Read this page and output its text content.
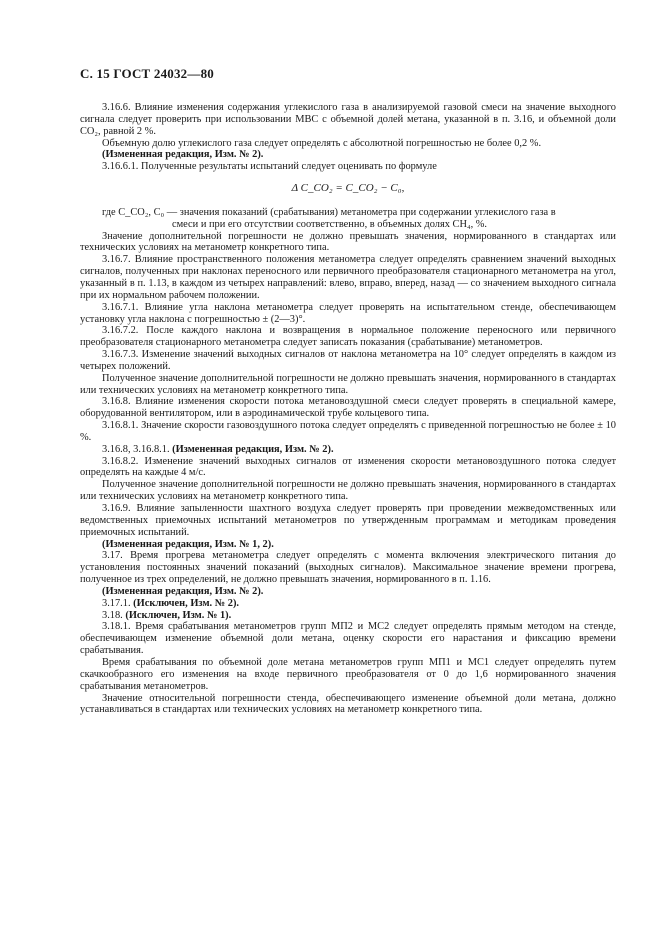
С. 15 ГОСТ 24032—80

3.16.6. Влияние изменения содержания углекислого газа в анализируемой газовой смеси на значение выходного сигнала следует проверить при использовании МВС с объемной долей метана, указанной в п. 3.16, и объемной доли CO₂, равной 2 %.

Объемную долю углекислого газа следует определять с абсолютной погрешностью не более 0,2 %.

(Измененная редакция, Изм. № 2).

3.16.6.1. Полученные результаты испытаний следует оценивать по формуле

Δ C_CO₂ = C_CO₂ − C₀,

где C_CO₂, C₀ — значения показаний (срабатывания) метанометра при содержании углекислого газа в

смеси и при его отсутствии соответственно, в объемных долях CH₄, %.

Значение дополнительной погрешности не должно превышать значения, нормированного в стандартах или технических условиях на метанометр конкретного типа.

3.16.7. Влияние пространственного положения метанометра следует определять сравнением значений выходных сигналов, полученных при наклонах переносного или первичного преобразователя стационарного метанометра на угол, указанный в п. 1.13, в каждом из четырех направлений: влево, вправо, вперед, назад — со значением выходного сигнала при их нормальном рабочем положении.

3.16.7.1. Влияние угла наклона метанометра следует проверять на испытательном стенде, обеспечивающем установку угла наклона с погрешностью ± (2—3)°.

3.16.7.2. После каждого наклона и возвращения в нормальное положение переносного или первичного преобразователя стационарного метанометра следует записать показания (срабатывание) метанометров.

3.16.7.3. Изменение значений выходных сигналов от наклона метанометра на 10° следует определять в каждом из четырех положений.

Полученное значение дополнительной погрешности не должно превышать значения, нормированного в стандартах или технических условиях на метанометр конкретного типа.

3.16.8. Влияние изменения скорости потока метановоздушной смеси следует проверять в специальной камере, оборудованной вентилятором, или в аэродинамической трубе кольцевого типа.

3.16.8.1. Значение скорости газовоздушного потока следует определять с приведенной погрешностью не более ± 10 %.

3.16.8, 3.16.8.1. (Измененная редакция, Изм. № 2).

3.16.8.2. Изменение значений выходных сигналов от изменения скорости метановоздушного потока следует определять на каждые 4 м/с.

Полученное значение дополнительной погрешности не должно превышать значения, нормированного в стандартах или технических условиях на метанометр конкретного типа.

3.16.9. Влияние запыленности шахтного воздуха следует проверять при проведении межведомственных или ведомственных приемочных испытаний метанометров по утвержденным программам и методикам проведения приемочных испытаний.

(Измененная редакция, Изм. № 1, 2).

3.17. Время прогрева метанометра следует определять с момента включения электрического питания до установления постоянных значений показаний (выходных сигналов). Максимальное значение времени прогрева, полученное из трех определений, не должно превышать значения, нормированного в п. 1.16.

(Измененная редакция, Изм. № 2).

3.17.1. (Исключен, Изм. № 2).

3.18. (Исключен, Изм. № 1).

3.18.1. Время срабатывания метанометров групп МП2 и МС2 следует определять прямым методом на стенде, обеспечивающем изменение объемной доли метана, оценку скорости его нарастания и фиксацию времени срабатывания.

Время срабатывания по объемной доле метана метанометров групп МП1 и МС1 следует определять путем скачкообразного его изменения на входе первичного преобразователя от 0 до 1,6 нормированного значения срабатывания метанометров.

Значение относительной погрешности стенда, обеспечивающего изменение объемной доли метана, должно устанавливаться в стандартах или технических условиях на метанометр конкретного типа.
